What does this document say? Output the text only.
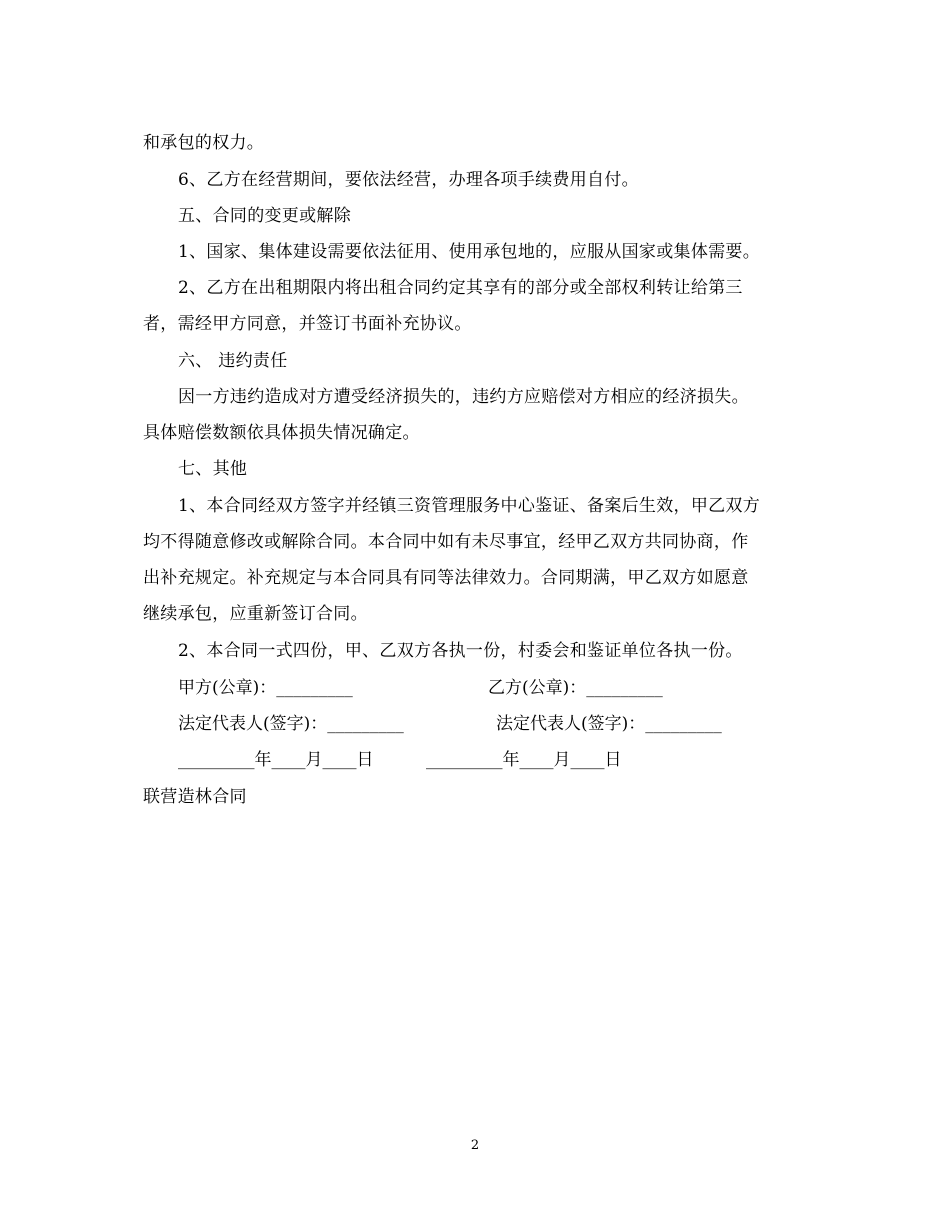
和承包的权力。
6、乙方在经营期间，要依法经营，办理各项手续费用自付。
五、合同的变更或解除
1、国家、集体建设需要依法征用、使用承包地的，应服从国家或集体需要。
2、乙方在出租期限内将出租合同约定其享有的部分或全部权利转让给第三
者，需经甲方同意，并签订书面补充协议。
六、 违约责任
因一方违约造成对方遭受经济损失的，违约方应赔偿对方相应的经济损失。
具体赔偿数额依具体损失情况确定。
七、其他
1、本合同经双方签字并经镇三资管理服务中心鉴证、备案后生效，甲乙双方
均不得随意修改或解除合同。本合同中如有未尽事宜，经甲乙双方共同协商，作
出补充规定。补充规定与本合同具有同等法律效力。合同期满，甲乙双方如愿意
继续承包，应重新签订合同。
2、本合同一式四份，甲、乙双方各执一份，村委会和鉴证单位各执一份。
甲方(公章)：_________	乙方(公章)：_________
法定代表人(签字)：_________	法定代表人(签字)：_________
_________年____月____日	_________年____月____日
联营造林合同
2
